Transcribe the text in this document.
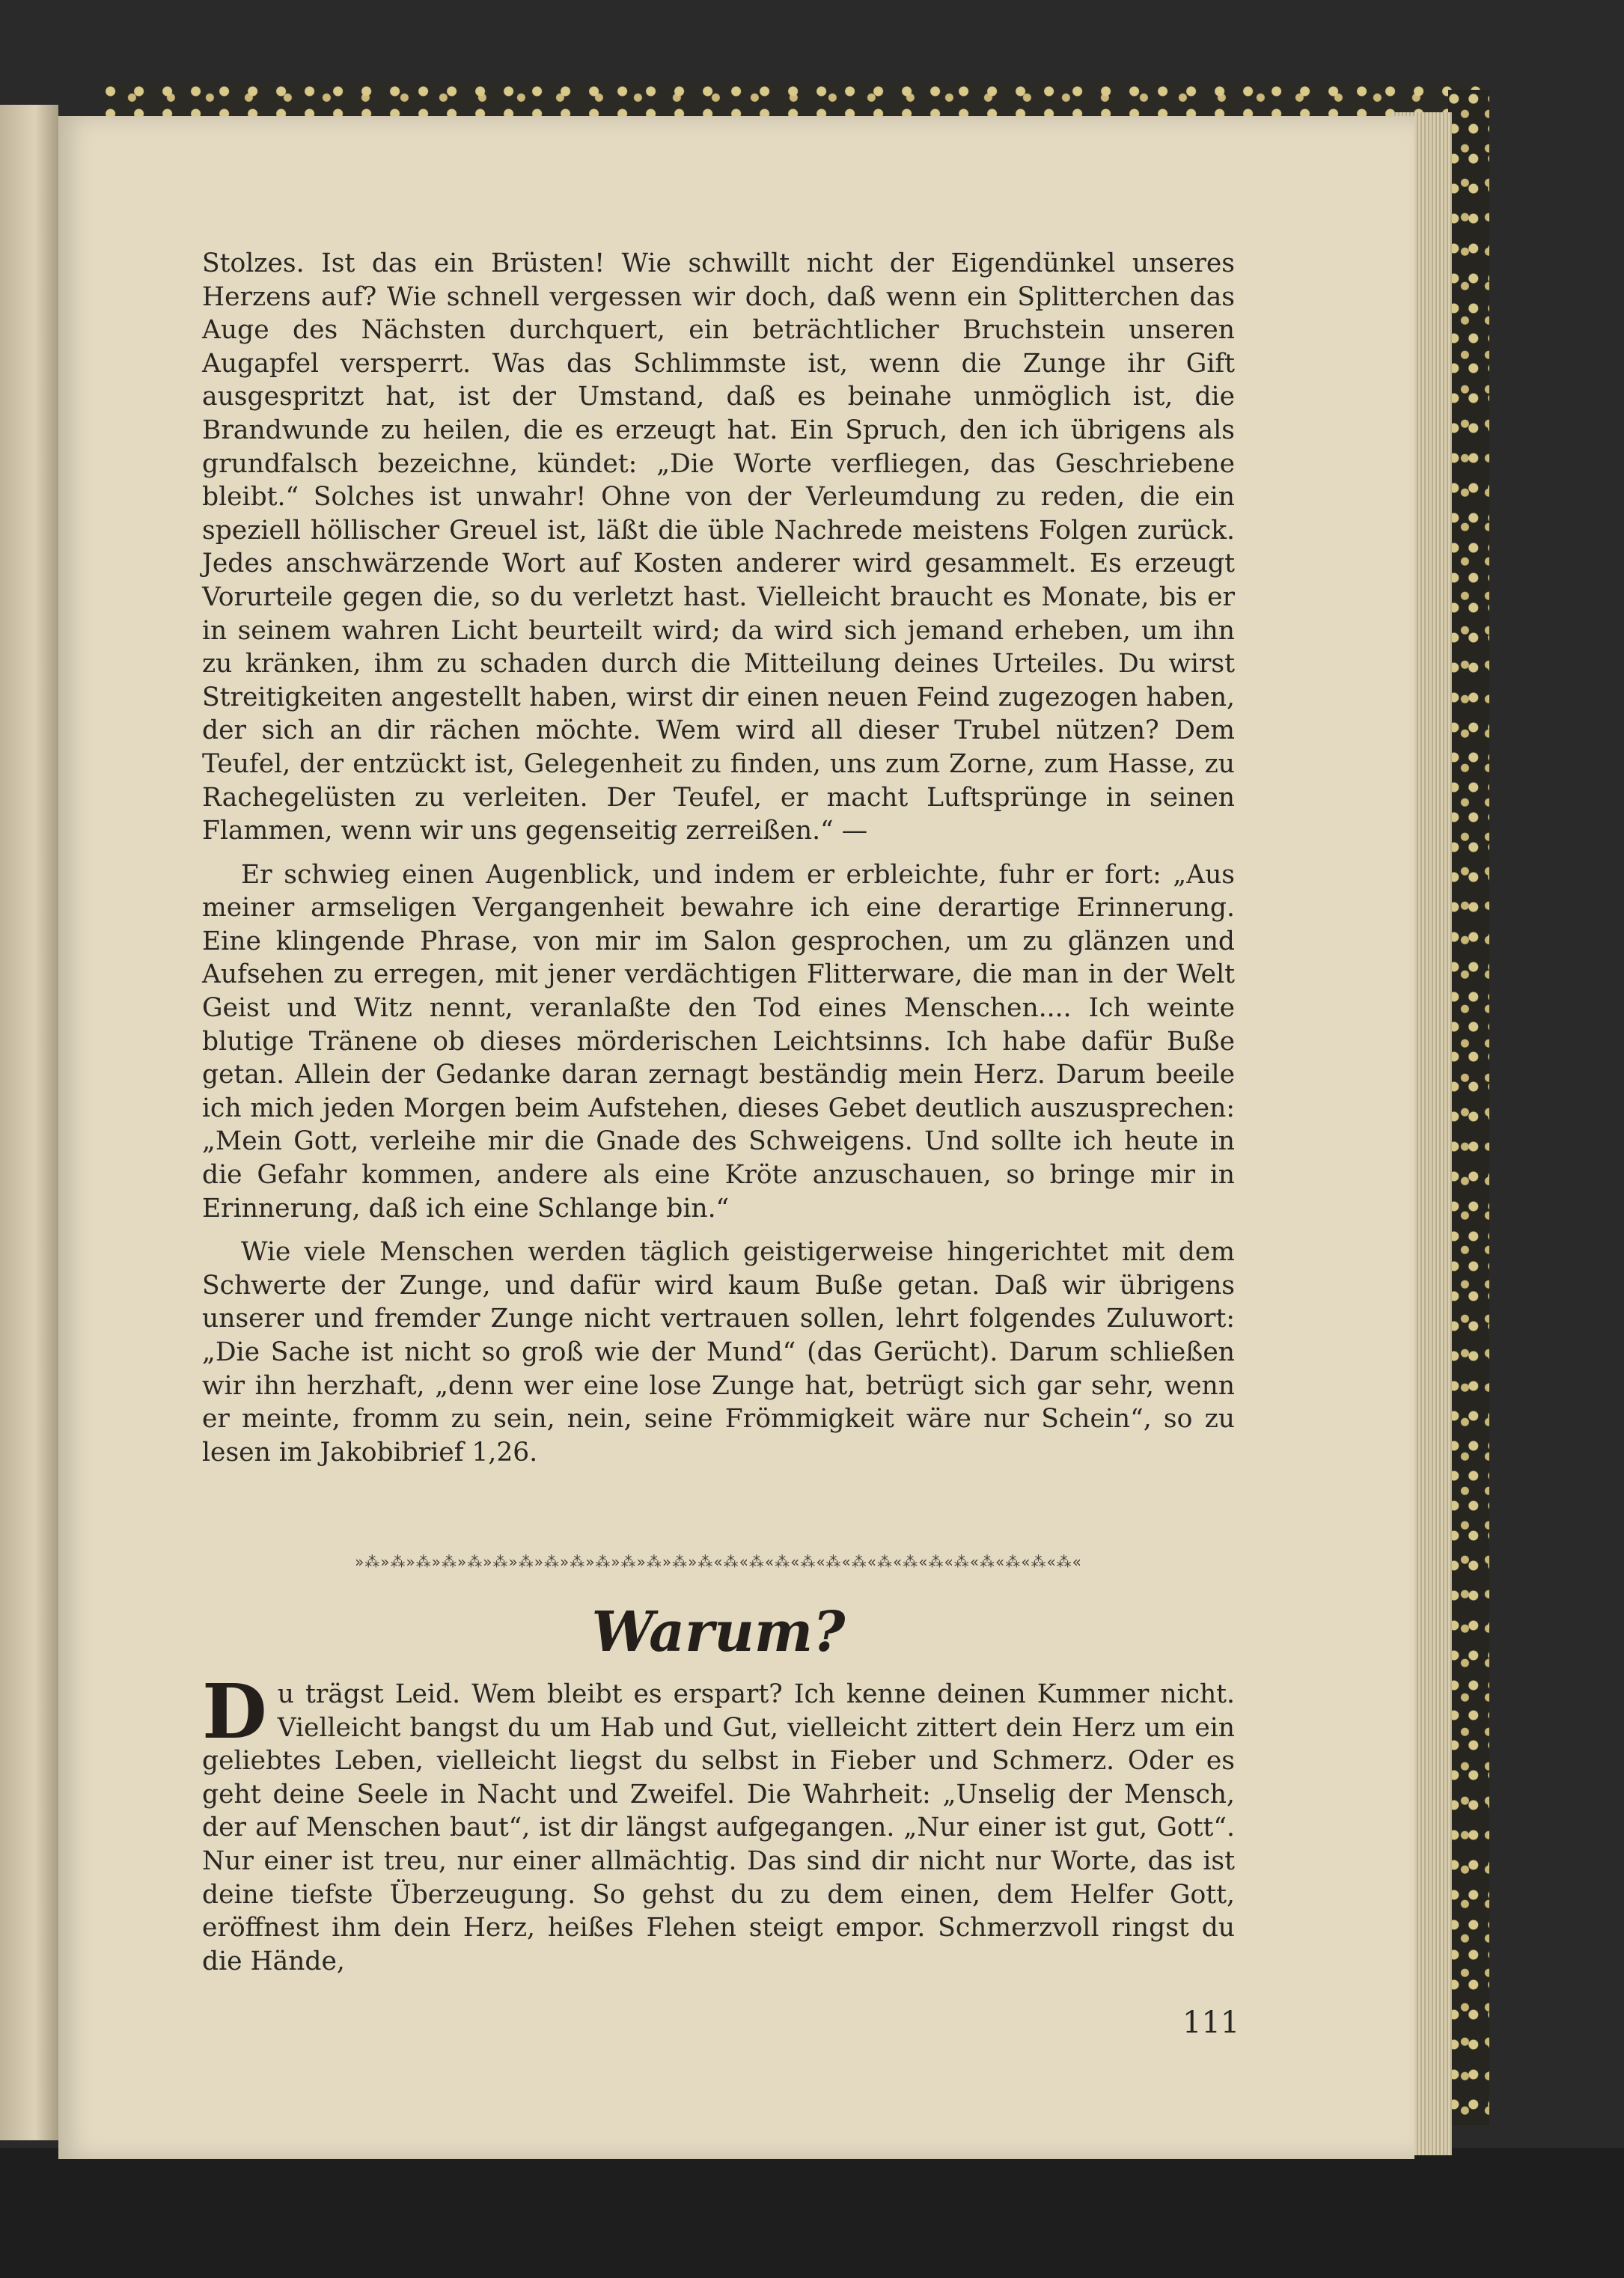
Stolzes. Ist das ein Brüsten! Wie schwillt nicht der Eigendünkel unseres Herzens auf? Wie schnell vergessen wir doch, daß wenn ein Splitterchen das Auge des Nächsten durchquert, ein beträchtlicher Bruchstein unseren Augapfel versperrt. Was das Schlimmste ist, wenn die Zunge ihr Gift ausgespritzt hat, ist der Umstand, daß es beinahe unmöglich ist, die Brandwunde zu heilen, die es erzeugt hat. Ein Spruch, den ich übrigens als grundfalsch bezeichne, kündet: „Die Worte verfliegen, das Geschriebene bleibt.“ Solches ist unwahr! Ohne von der Verleumdung zu reden, die ein speziell höllischer Greuel ist, läßt die üble Nachrede meistens Folgen zurück. Jedes anschwärzende Wort auf Kosten anderer wird gesammelt. Es erzeugt Vorurteile gegen die, so du verletzt hast. Vielleicht braucht es Monate, bis er in seinem wahren Licht beurteilt wird; da wird sich jemand erheben, um ihn zu kränken, ihm zu schaden durch die Mitteilung deines Urteiles. Du wirst Streitigkeiten angestellt haben, wirst dir einen neuen Feind zugezogen haben, der sich an dir rächen möchte. Wem wird all dieser Trubel nützen? Dem Teufel, der entzückt ist, Gelegenheit zu finden, uns zum Zorne, zum Hasse, zu Rachegelüsten zu verleiten. Der Teufel, er macht Luftsprünge in seinen Flammen, wenn wir uns gegenseitig zerreißen.“ —

Er schwieg einen Augenblick, und indem er erbleichte, fuhr er fort: „Aus meiner armseligen Vergangenheit bewahre ich eine derartige Erinnerung. Eine klingende Phrase, von mir im Salon gesprochen, um zu glänzen und Aufsehen zu erregen, mit jener verdächtigen Flitterware, die man in der Welt Geist und Witz nennt, veranlaßte den Tod eines Menschen.... Ich weinte blutige Tränene ob dieses mörderischen Leichtsinns. Ich habe dafür Buße getan. Allein der Gedanke daran zernagt beständig mein Herz. Darum beeile ich mich jeden Morgen beim Aufstehen, dieses Gebet deutlich auszusprechen: „Mein Gott, verleihe mir die Gnade des Schweigens. Und sollte ich heute in die Gefahr kommen, andere als eine Kröte anzuschauen, so bringe mir in Erinnerung, daß ich eine Schlange bin.“

Wie viele Menschen werden täglich geistigerweise hingerichtet mit dem Schwerte der Zunge, und dafür wird kaum Buße getan. Daß wir übrigens unserer und fremder Zunge nicht vertrauen sollen, lehrt folgendes Zuluwort: „Die Sache ist nicht so groß wie der Mund“ (das Gerücht). Darum schließen wir ihn herzhaft, „denn wer eine lose Zunge hat, betrügt sich gar sehr, wenn er meinte, fromm zu sein, nein, seine Frömmigkeit wäre nur Schein“, so zu lesen im Jakobibrief 1,26.

»⁂»⁂»⁂»⁂»⁂»⁂»⁂»⁂»⁂»⁂»⁂»⁂»⁂»⁂«⁂«⁂«⁂«⁂«⁂«⁂«⁂«⁂«⁂«⁂«⁂«⁂«⁂«⁂«
Warum?
D u trägst Leid. Wem bleibt es erspart? Ich kenne deinen Kummer nicht. Vielleicht bangst du um Hab und Gut, vielleicht zittert dein Herz um ein geliebtes Leben, vielleicht liegst du selbst in Fieber und Schmerz. Oder es geht deine Seele in Nacht und Zweifel. Die Wahrheit: „Unselig der Mensch, der auf Menschen baut“, ist dir längst aufgegangen. „Nur einer ist gut, Gott“. Nur einer ist treu, nur einer allmächtig. Das sind dir nicht nur Worte, das ist deine tiefste Überzeugung. So gehst du zu dem einen, dem Helfer Gott, eröffnest ihm dein Herz, heißes Flehen steigt empor. Schmerzvoll ringst du die Hände,
111
